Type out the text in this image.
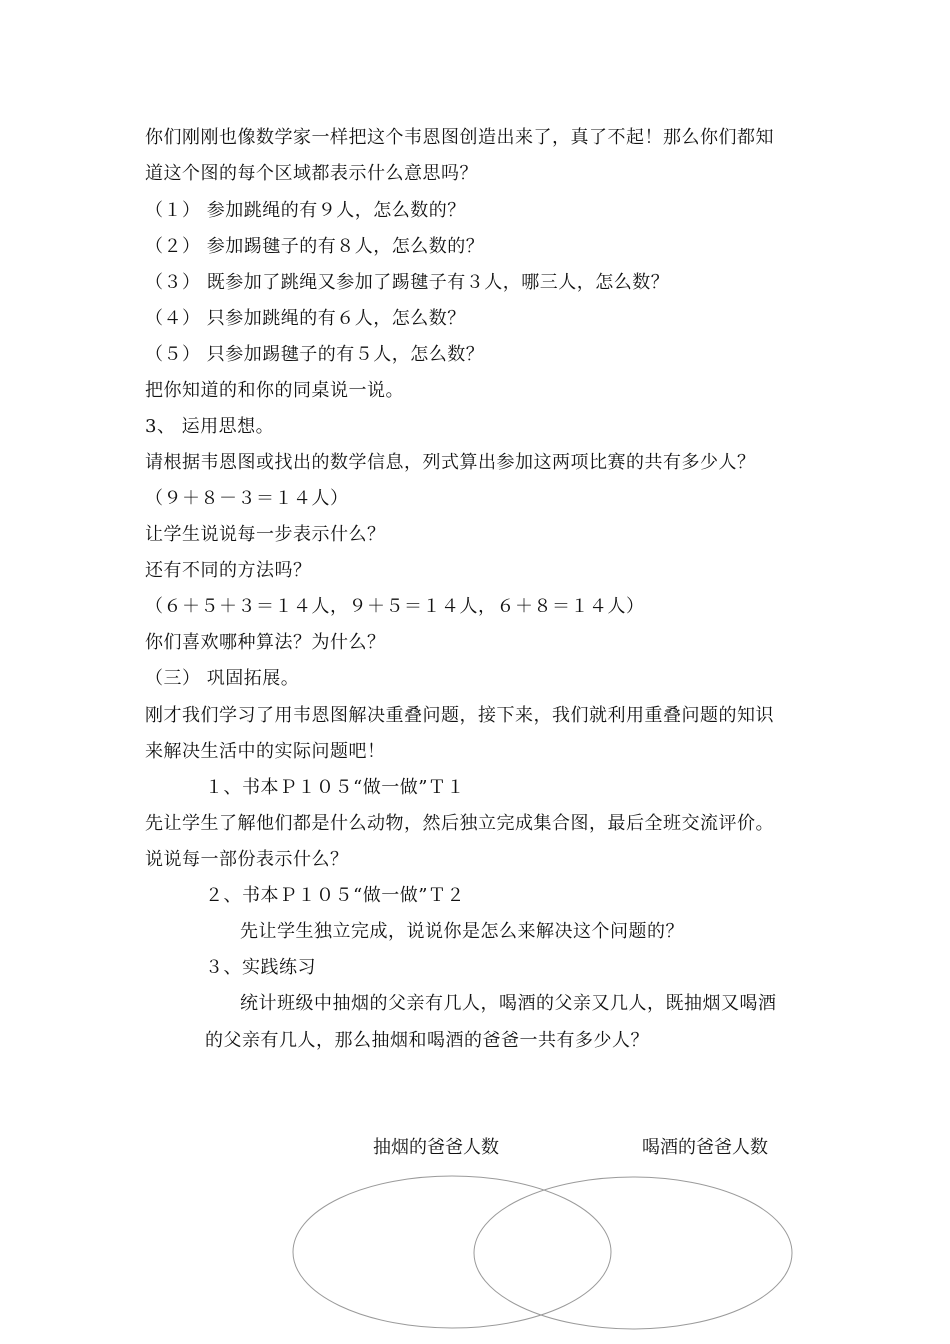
你们刚刚也像数学家一样把这个韦恩图创造出来了，真了不起！那么你们都知
道这个图的每个区域都表示什么意思吗？
（１） 参加跳绳的有９人，怎么数的？
（２） 参加踢毽子的有８人，怎么数的？
（３） 既参加了跳绳又参加了踢毽子有３人，哪三人，怎么数？
（４） 只参加跳绳的有６人，怎么数？
（５） 只参加踢毽子的有５人，怎么数？
把你知道的和你的同桌说一说。
3、 运用思想。
请根据韦恩图或找出的数学信息，列式算出参加这两项比赛的共有多少人？
（９＋８－３＝１４人）
让学生说说每一步表示什么？
还有不同的方法吗？
（６＋５＋３＝１４人，９＋５＝１４人，６＋８＝１４人）
你们喜欢哪种算法？为什么？
（三） 巩固拓展。
刚才我们学习了用韦恩图解决重叠问题，接下来，我们就利用重叠问题的知识
来解决生活中的实际问题吧！
１、书本Ｐ１０５“做一做”Ｔ１
先让学生了解他们都是什么动物，然后独立完成集合图，最后全班交流评价。
说说每一部份表示什么？
２、书本Ｐ１０５“做一做”Ｔ２
先让学生独立完成，说说你是怎么来解决这个问题的？
３、实践练习
统计班级中抽烟的父亲有几人，喝酒的父亲又几人，既抽烟又喝酒
的父亲有几人，那么抽烟和喝酒的爸爸一共有多少人？
抽烟的爸爸人数	喝酒的爸爸人数
